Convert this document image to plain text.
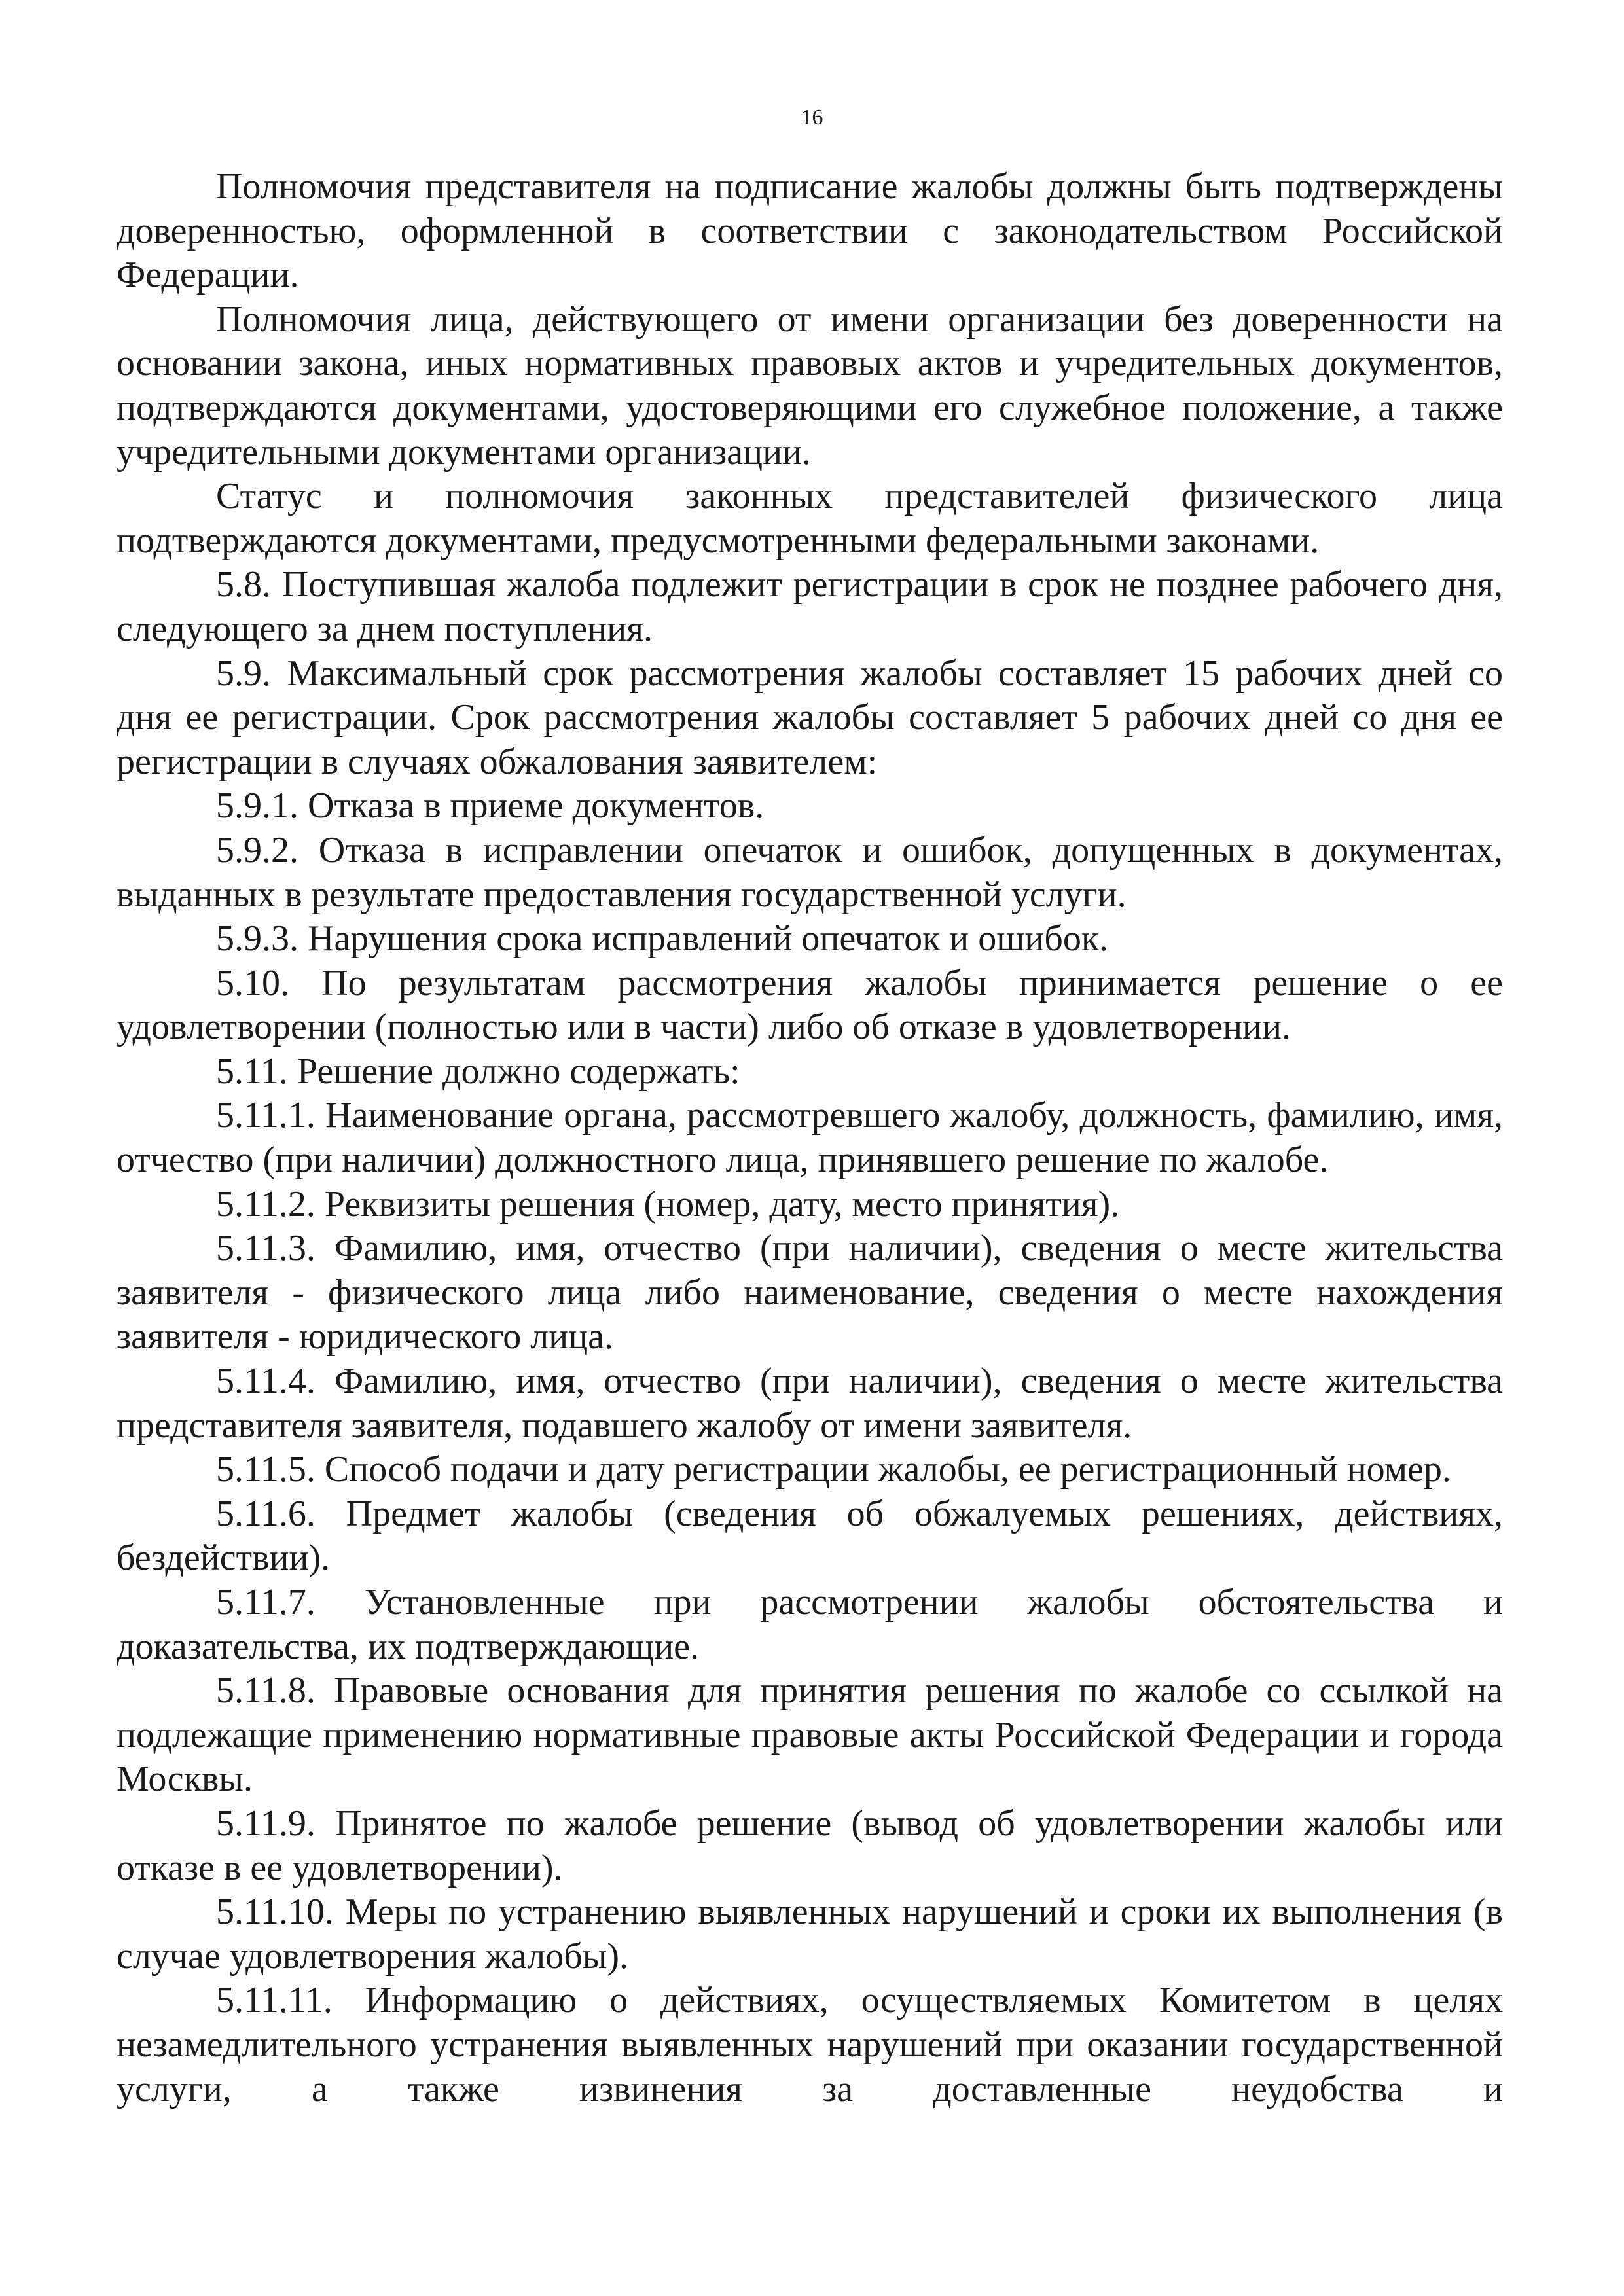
16

Полномочия представителя на подписание жалобы должны быть подтверждены доверенностью, оформленной в соответствии с законодательством Российской Федерации.

Полномочия лица, действующего от имени организации без доверенности на основании закона, иных нормативных правовых актов и учредительных документов, подтверждаются документами, удостоверяющими его служебное положение, а также учредительными документами организации.

Статус и полномочия законных представителей физического лица подтверждаются документами, предусмотренными федеральными законами.

5.8. Поступившая жалоба подлежит регистрации в срок не позднее рабочего дня, следующего за днем поступления.

5.9. Максимальный срок рассмотрения жалобы составляет 15 рабочих дней со дня ее регистрации. Срок рассмотрения жалобы составляет 5 рабочих дней со дня ее регистрации в случаях обжалования заявителем:

5.9.1. Отказа в приеме документов.

5.9.2. Отказа в исправлении опечаток и ошибок, допущенных в документах, выданных в результате предоставления государственной услуги.

5.9.3. Нарушения срока исправлений опечаток и ошибок.

5.10. По результатам рассмотрения жалобы принимается решение о ее удовлетворении (полностью или в части) либо об отказе в удовлетворении.

5.11. Решение должно содержать:

5.11.1. Наименование органа, рассмотревшего жалобу, должность, фамилию, имя, отчество (при наличии) должностного лица, принявшего решение по жалобе.

5.11.2. Реквизиты решения (номер, дату, место принятия).

5.11.3. Фамилию, имя, отчество (при наличии), сведения о месте жительства заявителя - физического лица либо наименование, сведения о месте нахождения заявителя - юридического лица.

5.11.4. Фамилию, имя, отчество (при наличии), сведения о месте жительства представителя заявителя, подавшего жалобу от имени заявителя.

5.11.5. Способ подачи и дату регистрации жалобы, ее регистрационный номер.

5.11.6. Предмет жалобы (сведения об обжалуемых решениях, действиях, бездействии).

5.11.7. Установленные при рассмотрении жалобы обстоятельства и доказательства, их подтверждающие.

5.11.8. Правовые основания для принятия решения по жалобе со ссылкой на подлежащие применению нормативные правовые акты Российской Федерации и города Москвы.

5.11.9. Принятое по жалобе решение (вывод об удовлетворении жалобы или отказе в ее удовлетворении).

5.11.10. Меры по устранению выявленных нарушений и сроки их выполнения (в случае удовлетворения жалобы).

5.11.11. Информацию о действиях, осуществляемых Комитетом в целях незамедлительного устранения выявленных нарушений при оказании государственной услуги, а также извинения за доставленные неудобства и
